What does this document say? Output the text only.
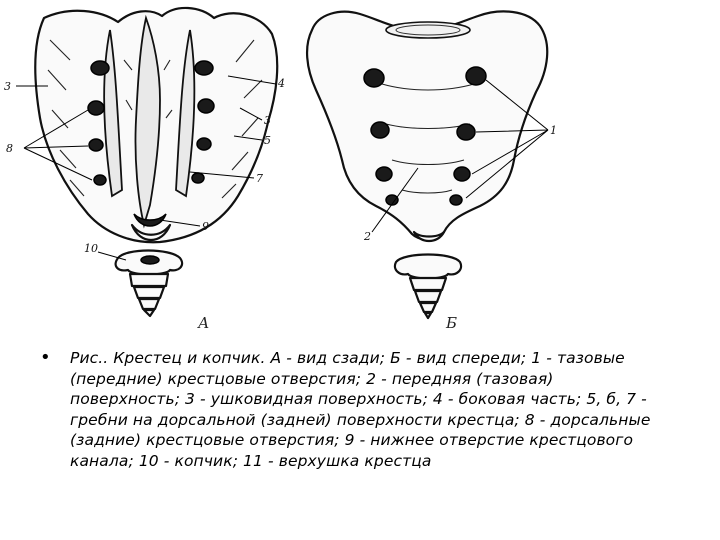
3
8
4
3
5
7
9
10
А
1
2
Б
• Рис.. Крестец и копчик. А - вид сзади; Б - вид спереди; 1 - тазовые (передние) крестцовые отверстия; 2 - передняя (тазовая) поверхность; 3 - ушковидная поверхность; 4 - боковая часть; 5, б, 7 - гребни на дорсальной (задней) поверхности крестца; 8 - дорсальные (задние) крестцовые отверстия; 9 - нижнее отверстие крестцового канала; 10 - копчик; 11 - верхушка крестца
